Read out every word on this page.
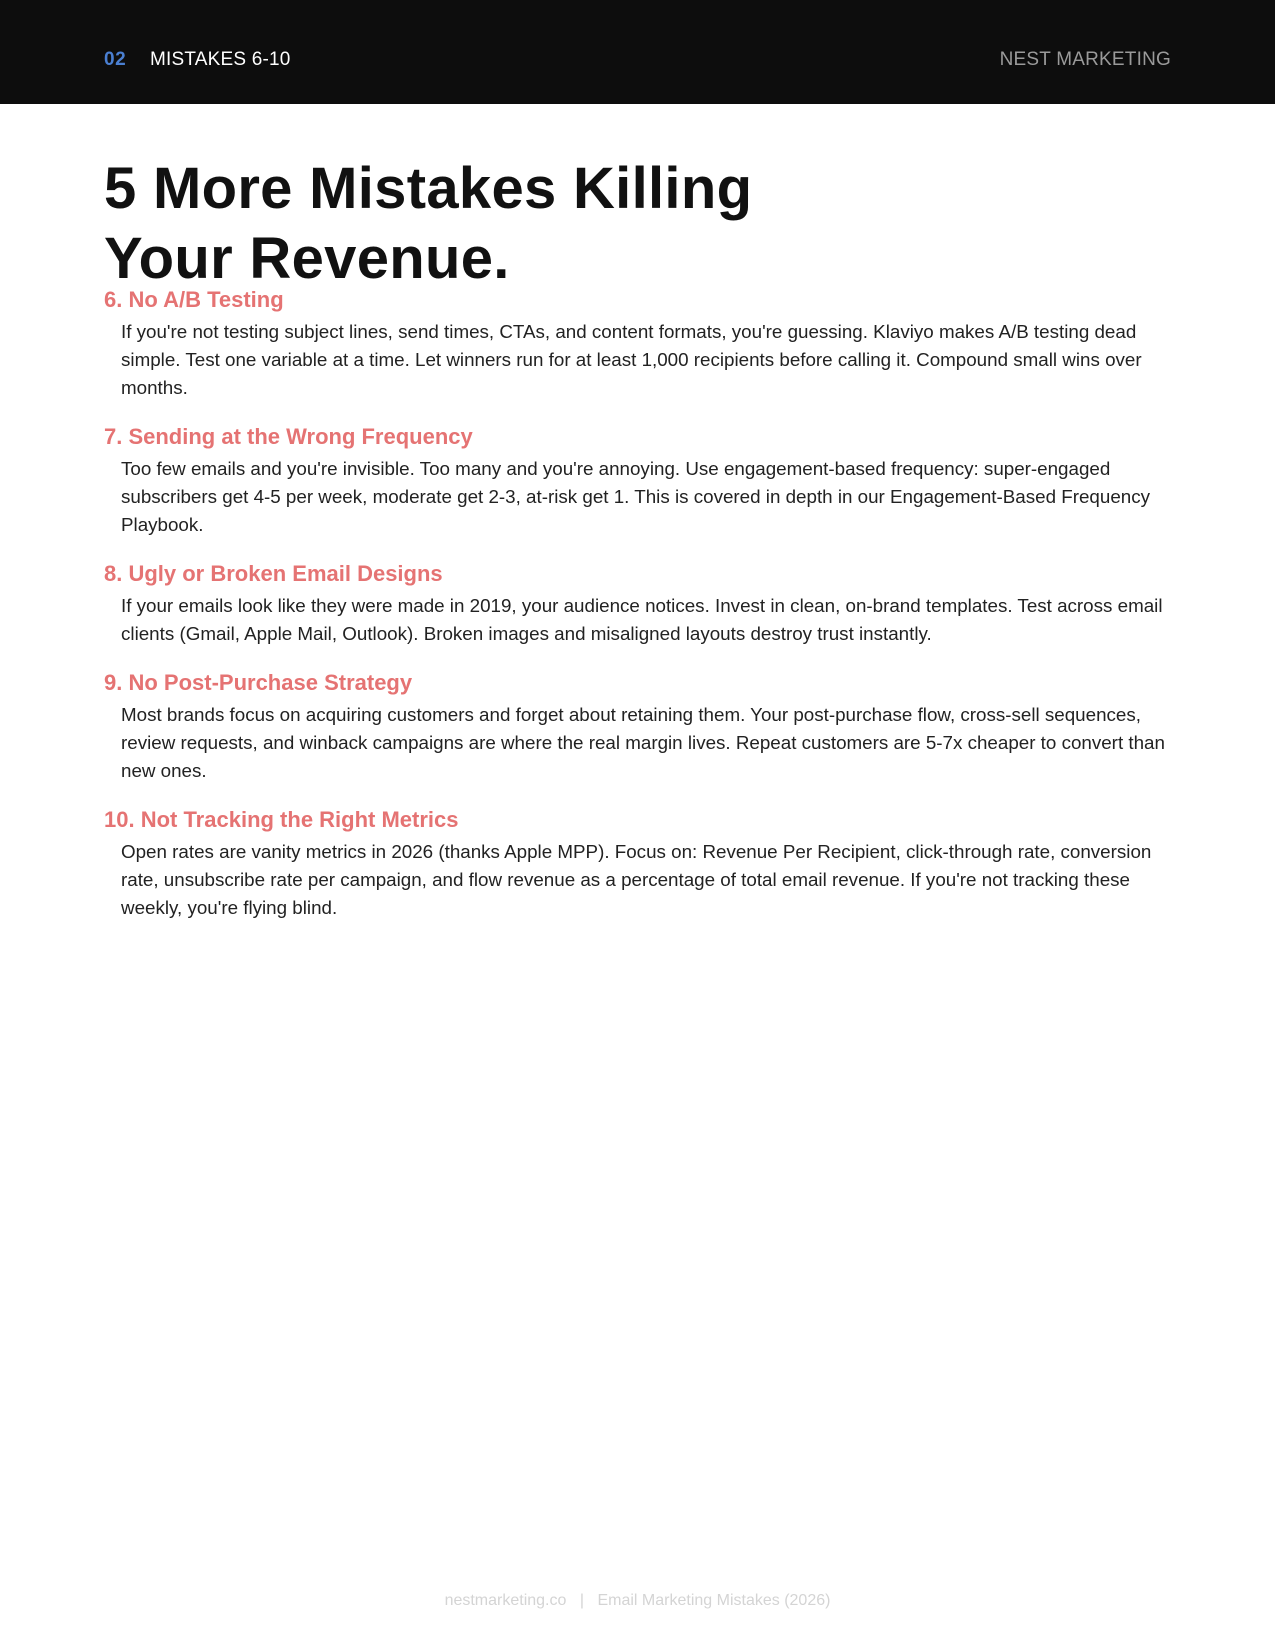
02 MISTAKES 6-10	NEST MARKETING
5 More Mistakes Killing
Your Revenue.
6. No A/B Testing

If you're not testing subject lines, send times, CTAs, and content formats, you're guessing. Klaviyo makes A/B testing dead simple. Test one variable at a time. Let winners run for at least 1,000 recipients before calling it. Compound small wins over months.

7. Sending at the Wrong Frequency

Too few emails and you're invisible. Too many and you're annoying. Use engagement-based frequency: super-engaged subscribers get 4-5 per week, moderate get 2-3, at-risk get 1. This is covered in depth in our Engagement-Based Frequency Playbook.

8. Ugly or Broken Email Designs

If your emails look like they were made in 2019, your audience notices. Invest in clean, on-brand templates. Test across email clients (Gmail, Apple Mail, Outlook). Broken images and misaligned layouts destroy trust instantly.

9. No Post-Purchase Strategy

Most brands focus on acquiring customers and forget about retaining them. Your post-purchase flow, cross-sell sequences, review requests, and winback campaigns are where the real margin lives. Repeat customers are 5-7x cheaper to convert than new ones.

10. Not Tracking the Right Metrics

Open rates are vanity metrics in 2026 (thanks Apple MPP). Focus on: Revenue Per Recipient, click-through rate, conversion rate, unsubscribe rate per campaign, and flow revenue as a percentage of total email revenue. If you're not tracking these weekly, you're flying blind.

nestmarketing.co | Email Marketing Mistakes (2026)
